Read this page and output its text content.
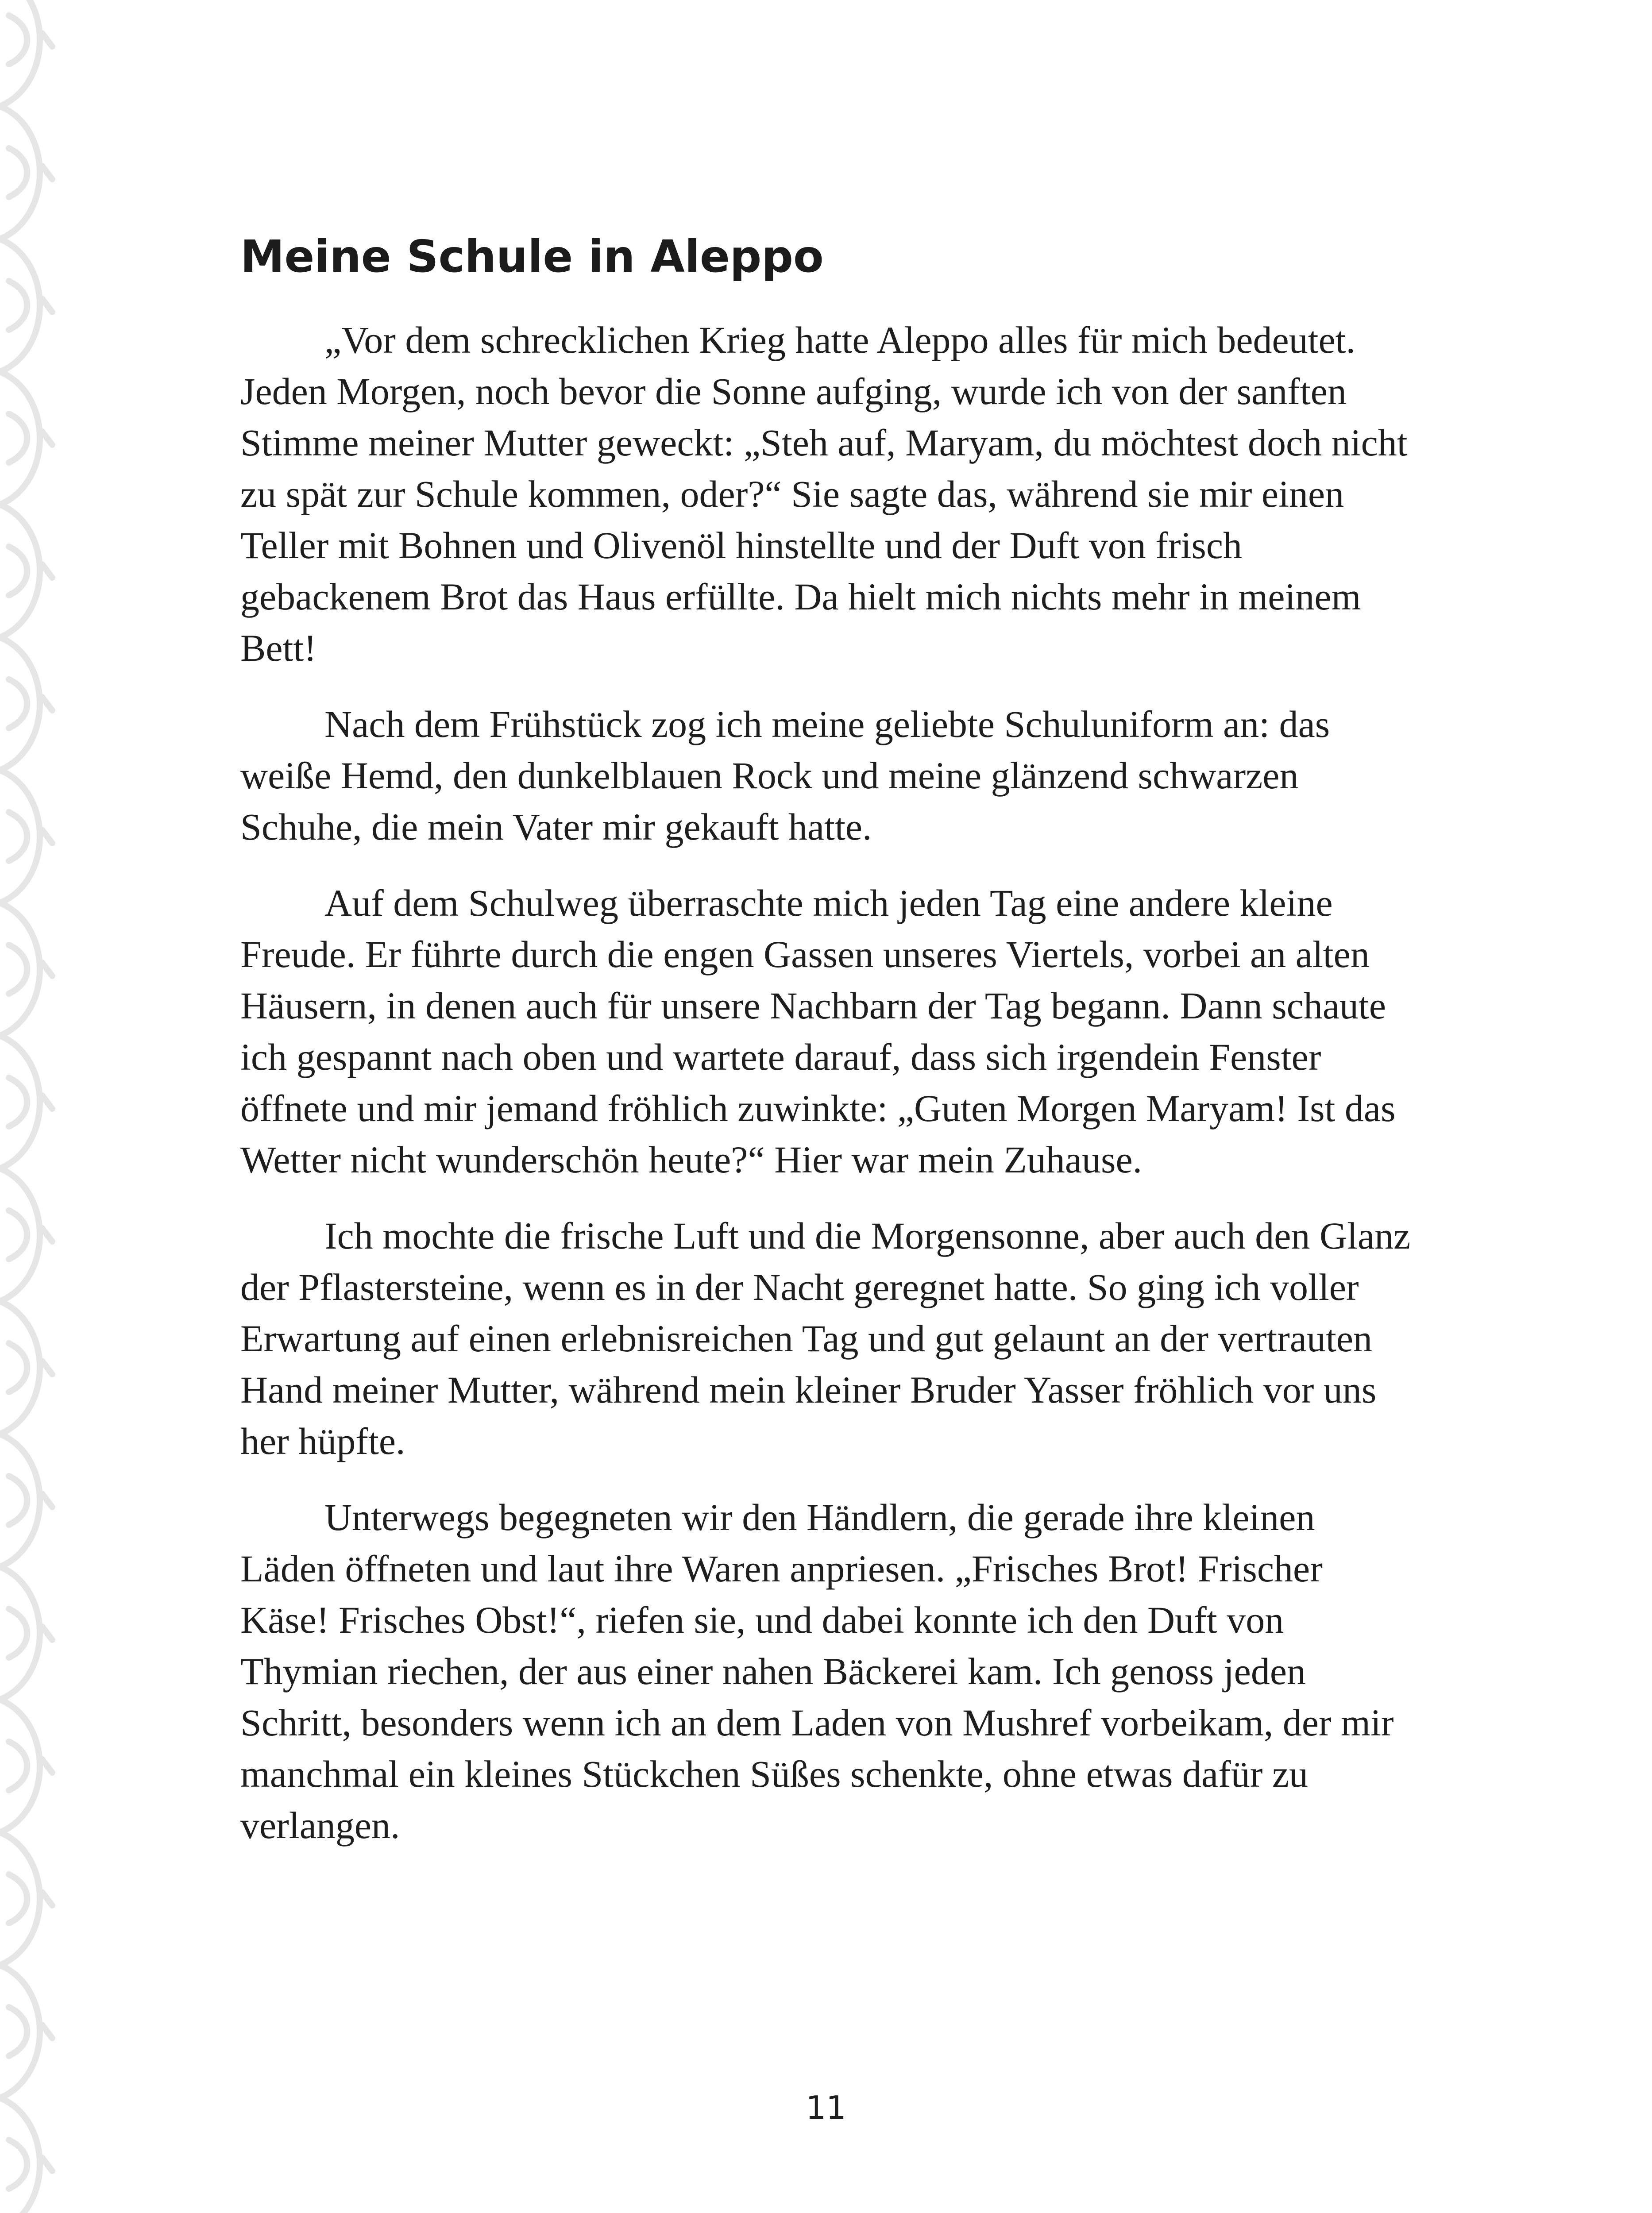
Meine Schule in Aleppo

„Vor dem schrecklichen Krieg hatte Aleppo alles für mich bedeutet. Jeden Morgen, noch bevor die Sonne aufging, wurde ich von der sanften Stimme meiner Mutter geweckt: „Steh auf, Maryam, du möchtest doch nicht zu spät zur Schule kommen, oder?“ Sie sagte das, während sie mir einen Teller mit Bohnen und Olivenöl hinstellte und der Duft von frisch gebackenem Brot das Haus erfüllte. Da hielt mich nichts mehr in meinem Bett!

Nach dem Frühstück zog ich meine geliebte Schuluniform an: das weiße Hemd, den dunkelblauen Rock und meine glänzend schwarzen Schuhe, die mein Vater mir gekauft hatte.

Auf dem Schulweg überraschte mich jeden Tag eine andere kleine Freude. Er führte durch die engen Gassen unseres Viertels, vorbei an alten Häusern, in denen auch für unsere Nachbarn der Tag begann. Dann schaute ich gespannt nach oben und wartete darauf, dass sich irgendein Fenster öffnete und mir jemand fröhlich zuwinkte: „Guten Morgen Maryam! Ist das Wetter nicht wunderschön heute?“ Hier war mein Zuhause.

Ich mochte die frische Luft und die Morgensonne, aber auch den Glanz der Pflastersteine, wenn es in der Nacht geregnet hatte. So ging ich voller Erwartung auf einen erlebnisreichen Tag und gut gelaunt an der vertrauten Hand meiner Mutter, während mein kleiner Bruder Yasser fröhlich vor uns her hüpfte.

Unterwegs begegneten wir den Händlern, die gerade ihre kleinen Läden öffneten und laut ihre Waren anpriesen. „Frisches Brot! Frischer Käse! Frisches Obst!“, riefen sie, und dabei konnte ich den Duft von Thymian riechen, der aus einer nahen Bäckerei kam. Ich genoss jeden Schritt, besonders wenn ich an dem Laden von Mushref vorbeikam, der mir manchmal ein kleines Stückchen Süßes schenkte, ohne etwas dafür zu verlangen.

11
